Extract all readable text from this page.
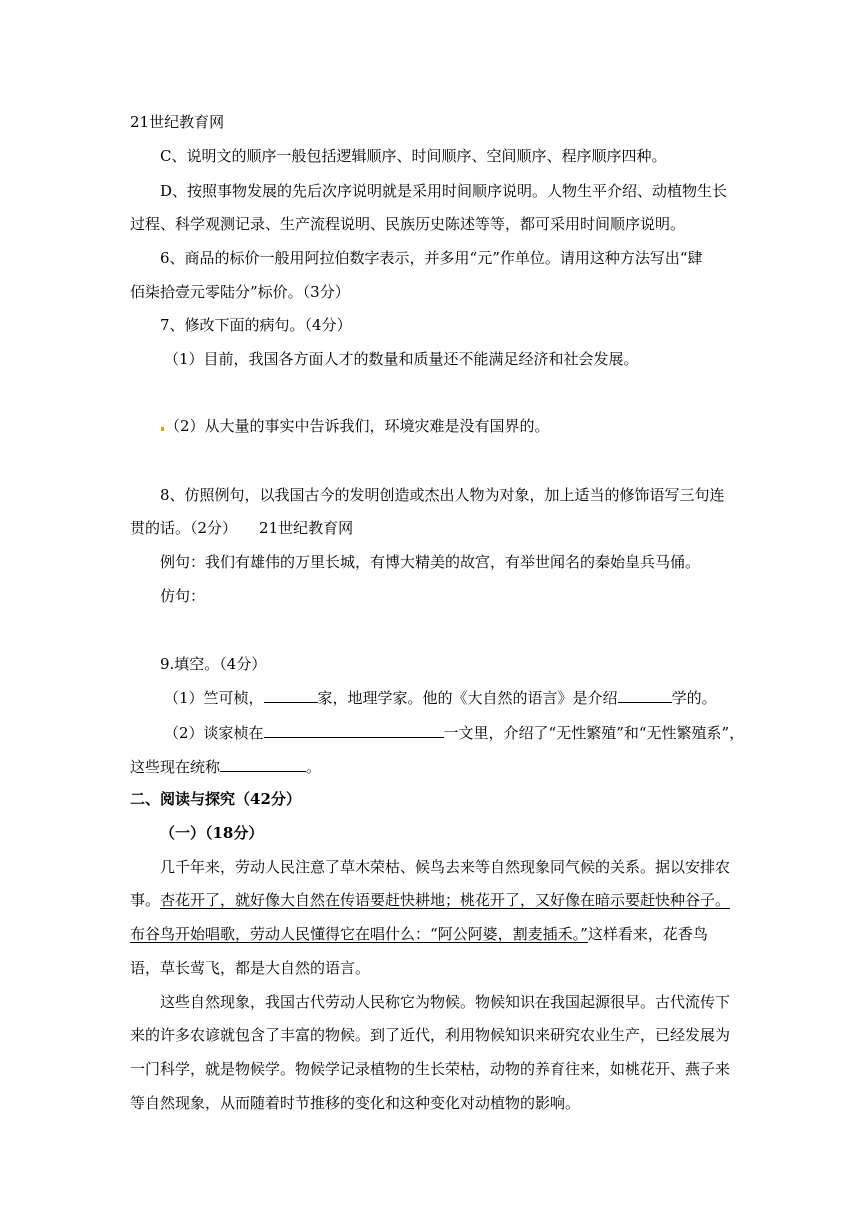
21世纪教育网
C、说明文的顺序一般包括逻辑顺序、时间顺序、空间顺序、程序顺序四种。
D、按照事物发展的先后次序说明就是采用时间顺序说明。人物生平介绍、动植物生长
过程、科学观测记录、生产流程说明、民族历史陈述等等，都可采用时间顺序说明。
6、商品的标价一般用阿拉伯数字表示，并多用“元”作单位。请用这种方法写出“肆
佰柒拾壹元零陆分”标价。（3分）
7、修改下面的病句。（4分）
（1）目前，我国各方面人才的数量和质量还不能满足经济和社会发展。
（2）从大量的事实中告诉我们，环境灾难是没有国界的。
8、仿照例句，以我国古今的发明创造或杰出人物为对象，加上适当的修饰语写三句连
贯的话。（2分） 21世纪教育网
例句：我们有雄伟的万里长城，有博大精美的故宫，有举世闻名的秦始皇兵马俑。
仿句：
9.填空。（4分）
（1）竺可桢，	家，地理学家。他的《大自然的语言》是介绍	学的。
（2）谈家桢在	一文里，介绍了“无性繁殖”和“无性繁殖系”，
这些现在统称	。
二、阅读与探究（42分）
（一）（18分）
几千年来，劳动人民注意了草木荣枯、候鸟去来等自然现象同气候的关系。据以安排农
事。杏花开了，就好像大自然在传语要赶快耕地；桃花开了，又好像在暗示要赶快种谷子。
布谷鸟开始唱歌，劳动人民懂得它在唱什么：“阿公阿婆，割麦插禾。”这样看来，花香鸟
语，草长莺飞，都是大自然的语言。
这些自然现象，我国古代劳动人民称它为物候。物候知识在我国起源很早。古代流传下
来的许多农谚就包含了丰富的物候。到了近代，利用物候知识来研究农业生产，已经发展为
一门科学，就是物候学。物候学记录植物的生长荣枯，动物的养育往来，如桃花开、燕子来
等自然现象，从而随着时节推移的变化和这种变化对动植物的影响。
